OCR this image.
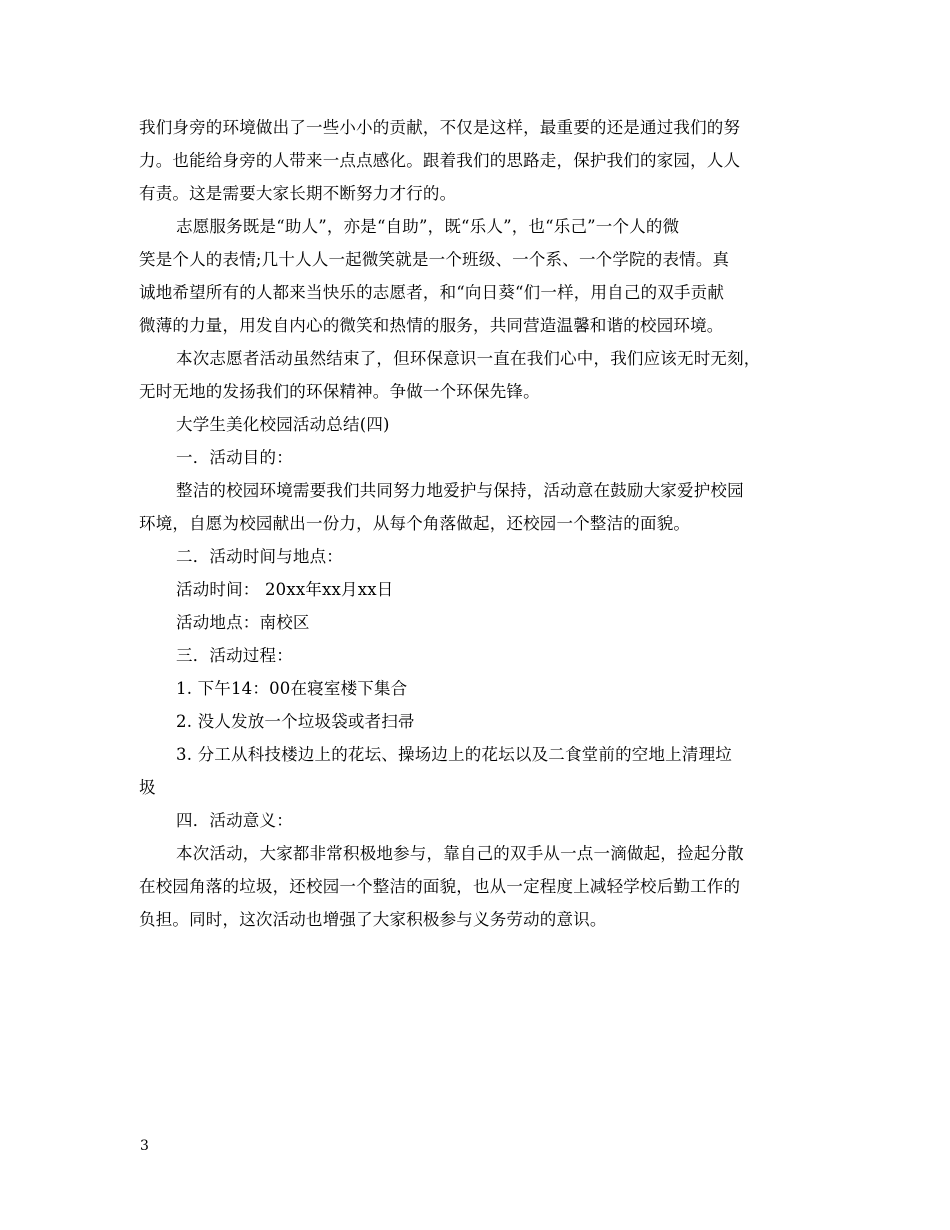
我们身旁的环境做出了一些小小的贡献，不仅是这样，最重要的还是通过我们的努
力。也能给身旁的人带来一点点感化。跟着我们的思路走，保护我们的家园，人人
有责。这是需要大家长期不断努力才行的。
志愿服务既是“助人”，亦是“自助”，既“乐人”，也“乐己”一个人的微
笑是个人的表情;几十人人一起微笑就是一个班级、一个系、一个学院的表情。真
诚地希望所有的人都来当快乐的志愿者，和“向日葵“们一样，用自己的双手贡献
微薄的力量，用发自内心的微笑和热情的服务，共同营造温馨和谐的校园环境。
本次志愿者活动虽然结束了，但环保意识一直在我们心中，我们应该无时无刻，
无时无地的发扬我们的环保精神。争做一个环保先锋。
大学生美化校园活动总结(四)
一．活动目的：
整洁的校园环境需要我们共同努力地爱护与保持，活动意在鼓励大家爱护校园
环境，自愿为校园献出一份力，从每个角落做起，还校园一个整洁的面貌。
二．活动时间与地点：
活动时间： 20xx年xx月xx日
活动地点：南校区
三．活动过程：
1. 下午14：00在寝室楼下集合
2. 没人发放一个垃圾袋或者扫帚
3. 分工从科技楼边上的花坛、操场边上的花坛以及二食堂前的空地上清理垃
圾
四．活动意义：
本次活动，大家都非常积极地参与，靠自己的双手从一点一滴做起，捡起分散
在校园角落的垃圾，还校园一个整洁的面貌，也从一定程度上减轻学校后勤工作的
负担。同时，这次活动也增强了大家积极参与义务劳动的意识。
3
